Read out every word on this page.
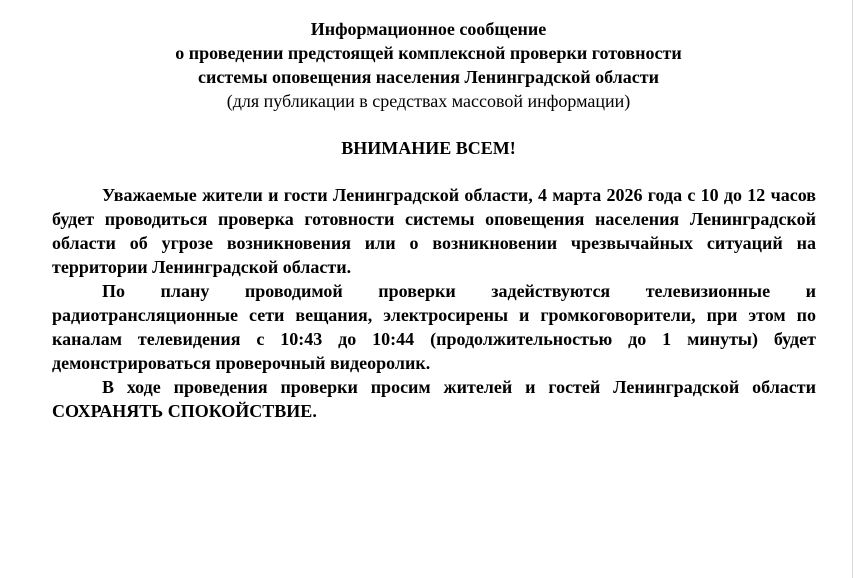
Информационное сообщение
о проведении предстоящей комплексной проверки готовности
системы оповещения населения Ленинградской области
(для публикации в средствах массовой информации)
ВНИМАНИЕ ВСЕМ!

Уважаемые жители и гости Ленинградской области, 4 марта 2026 года с 10 до 12 часов будет проводиться проверка готовности системы оповещения населения Ленинградской области об угрозе возникновения или о возникновении чрезвычайных ситуаций на территории Ленинградской области.

По плану проводимой проверки задействуются телевизионные и радиотрансляционные сети вещания, электросирены и громкоговорители, при этом по каналам телевидения с 10:43 до 10:44 (продолжительностью до 1 минуты) будет демонстрироваться проверочный видеоролик.

В ходе проведения проверки просим жителей и гостей Ленинградской области СОХРАНЯТЬ СПОКОЙСТВИЕ.
